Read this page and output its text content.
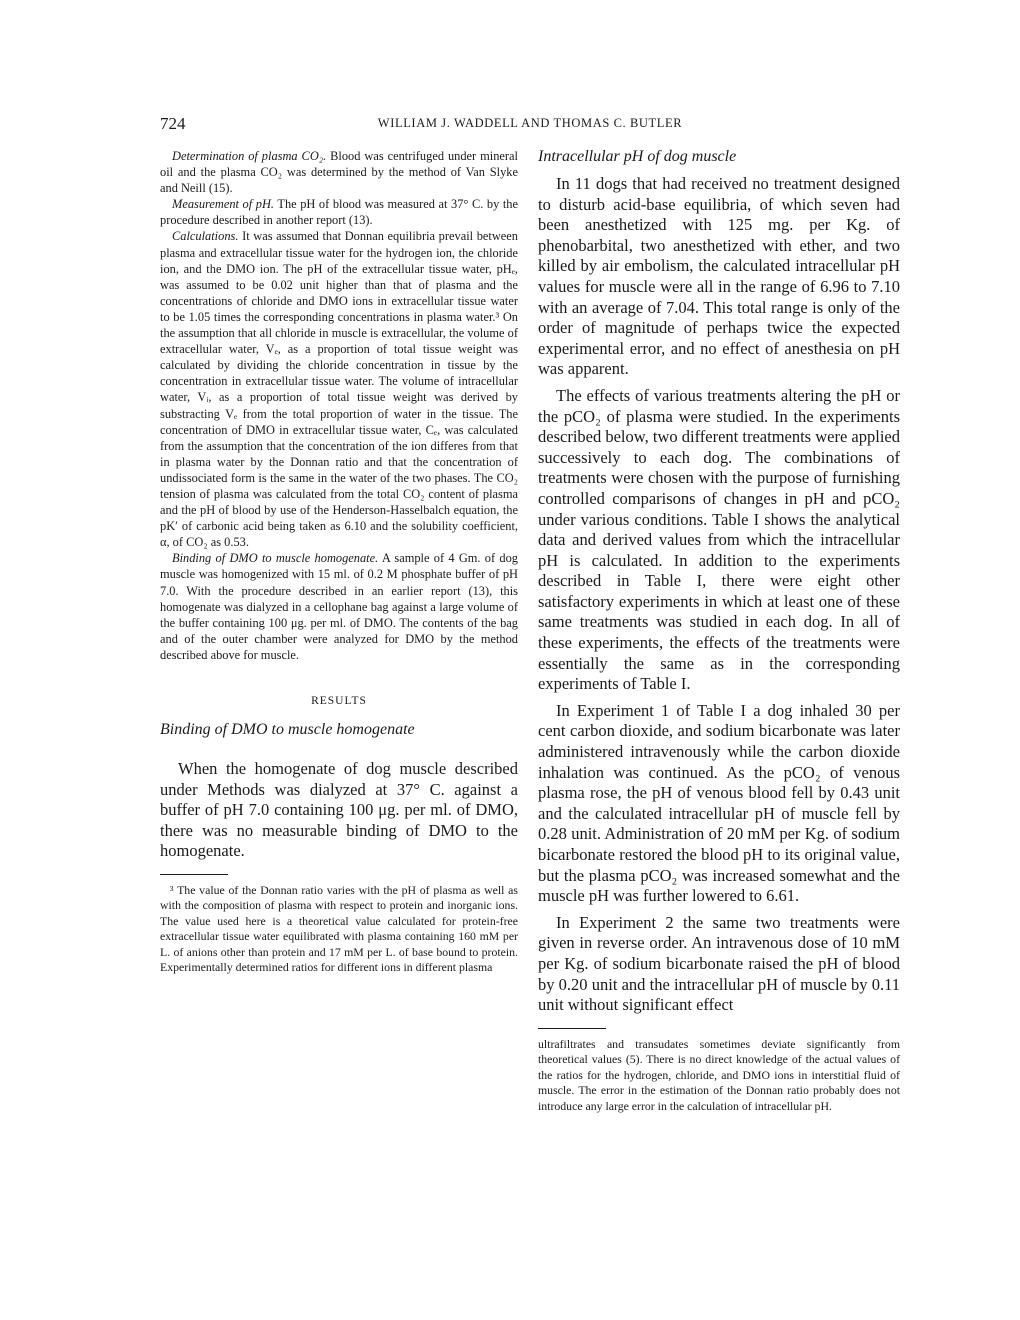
724	WILLIAM J. WADDELL AND THOMAS C. BUTLER

Determination of plasma CO₂. Blood was centrifuged under mineral oil and the plasma CO₂ was determined by the method of Van Slyke and Neill (15).

Measurement of pH. The pH of blood was measured at 37° C. by the procedure described in another report (13).

Calculations. It was assumed that Donnan equilibria prevail between plasma and extracellular tissue water for the hydrogen ion, the chloride ion, and the DMO ion. The pH of the extracellular tissue water, pHₑ, was assumed to be 0.02 unit higher than that of plasma and the concentrations of chloride and DMO ions in extracellular tissue water to be 1.05 times the corresponding concentrations in plasma water.³ On the assumption that all chloride in muscle is extracellular, the volume of extracellular water, Vₑ, as a proportion of total tissue weight was calculated by dividing the chloride concentration in tissue by the concentration in extracellular tissue water. The volume of intracellular water, Vᵢ, as a proportion of total tissue weight was derived by substracting Vₑ from the total proportion of water in the tissue. The concentration of DMO in extracellular tissue water, Cₑ, was calculated from the assumption that the concentration of the ion differes from that in plasma water by the Donnan ratio and that the concentration of undissociated form is the same in the water of the two phases. The CO₂ tension of plasma was calculated from the total CO₂ content of plasma and the pH of blood by use of the Henderson-Hasselbalch equation, the pK′ of carbonic acid being taken as 6.10 and the solubility coefficient, α, of CO₂ as 0.53.

Binding of DMO to muscle homogenate. A sample of 4 Gm. of dog muscle was homogenized with 15 ml. of 0.2 M phosphate buffer of pH 7.0. With the procedure described in an earlier report (13), this homogenate was dialyzed in a cellophane bag against a large volume of the buffer containing 100 μg. per ml. of DMO. The contents of the bag and of the outer chamber were analyzed for DMO by the method described above for muscle.

RESULTS
Binding of DMO to muscle homogenate

When the homogenate of dog muscle described under Methods was dialyzed at 37° C. against a buffer of pH 7.0 containing 100 μg. per ml. of DMO, there was no measurable binding of DMO to the homogenate.

³ The value of the Donnan ratio varies with the pH of plasma as well as with the composition of plasma with respect to protein and inorganic ions. The value used here is a theoretical value calculated for protein-free extracellular tissue water equilibrated with plasma containing 160 mM per L. of anions other than protein and 17 mM per L. of base bound to protein. Experimentally determined ratios for different ions in different plasma

Intracellular pH of dog muscle

In 11 dogs that had received no treatment designed to disturb acid-base equilibria, of which seven had been anesthetized with 125 mg. per Kg. of phenobarbital, two anesthetized with ether, and two killed by air embolism, the calculated intracellular pH values for muscle were all in the range of 6.96 to 7.10 with an average of 7.04. This total range is only of the order of magnitude of perhaps twice the expected experimental error, and no effect of anesthesia on pH was apparent.

The effects of various treatments altering the pH or the pCO₂ of plasma were studied. In the experiments described below, two different treatments were applied successively to each dog. The combinations of treatments were chosen with the purpose of furnishing controlled comparisons of changes in pH and pCO₂ under various conditions. Table I shows the analytical data and derived values from which the intracellular pH is calculated. In addition to the experiments described in Table I, there were eight other satisfactory experiments in which at least one of these same treatments was studied in each dog. In all of these experiments, the effects of the treatments were essentially the same as in the corresponding experiments of Table I.

In Experiment 1 of Table I a dog inhaled 30 per cent carbon dioxide, and sodium bicarbonate was later administered intravenously while the carbon dioxide inhalation was continued. As the pCO₂ of venous plasma rose, the pH of venous blood fell by 0.43 unit and the calculated intracellular pH of muscle fell by 0.28 unit. Administration of 20 mM per Kg. of sodium bicarbonate restored the blood pH to its original value, but the plasma pCO₂ was increased somewhat and the muscle pH was further lowered to 6.61.

In Experiment 2 the same two treatments were given in reverse order. An intravenous dose of 10 mM per Kg. of sodium bicarbonate raised the pH of blood by 0.20 unit and the intracellular pH of muscle by 0.11 unit without significant effect

ultrafiltrates and transudates sometimes deviate significantly from theoretical values (5). There is no direct knowledge of the actual values of the ratios for the hydrogen, chloride, and DMO ions in interstitial fluid of muscle. The error in the estimation of the Donnan ratio probably does not introduce any large error in the calculation of intracellular pH.
